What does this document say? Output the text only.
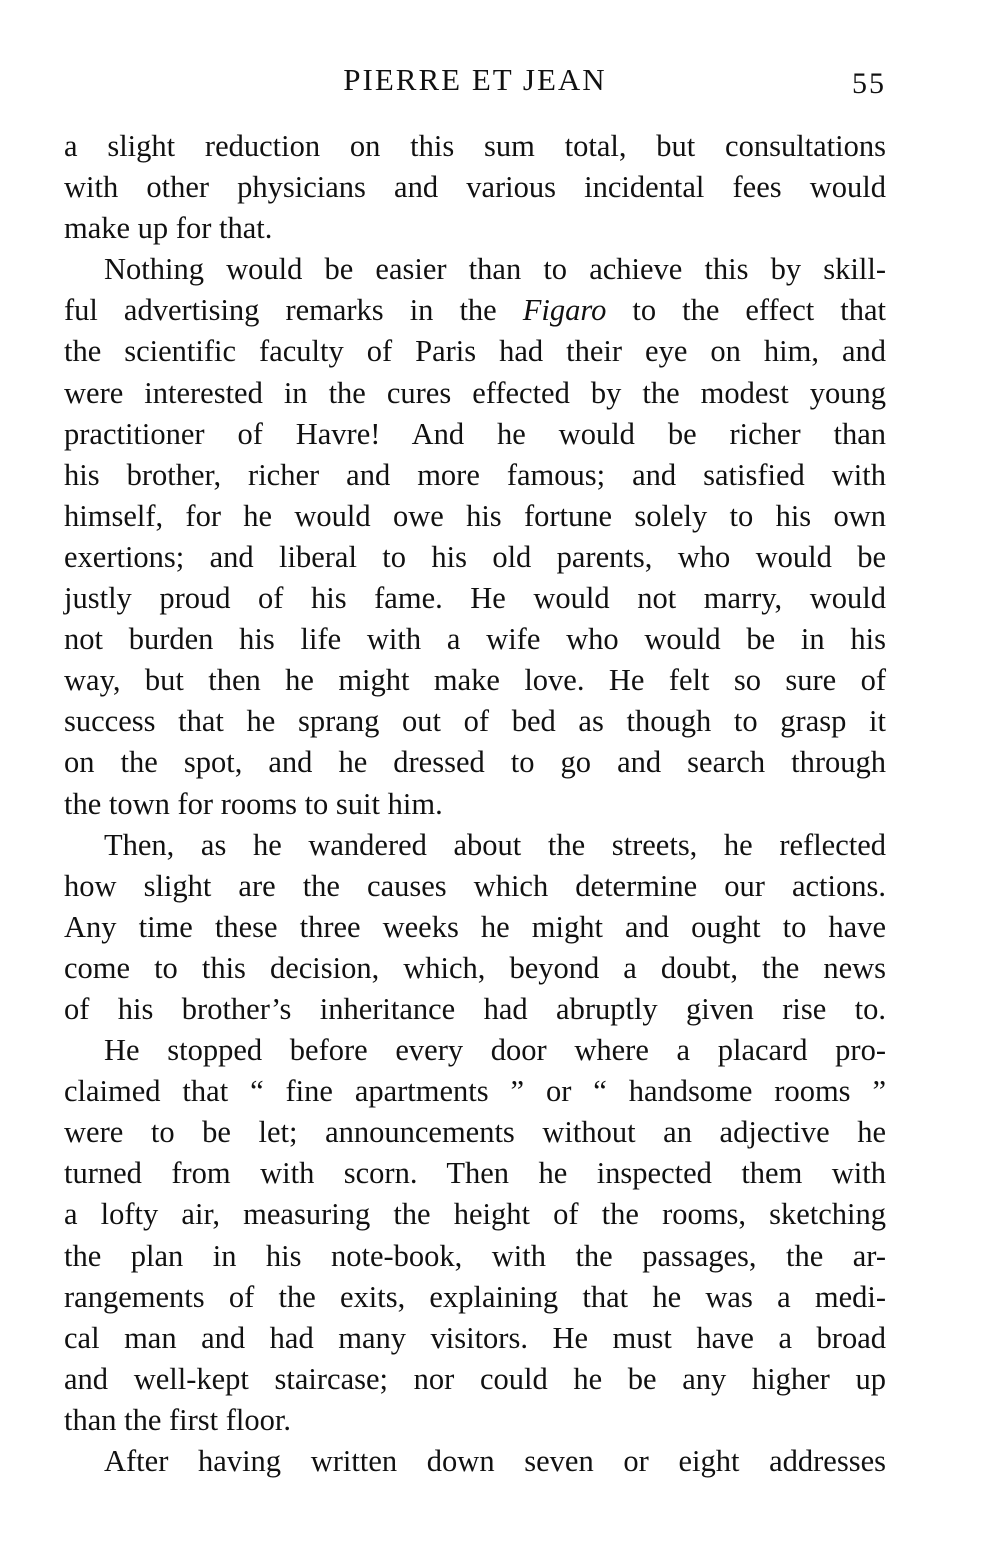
PIERRE ET JEAN	55
a slight reduction on this sum total, but consultations
with other physicians and various incidental fees would
make up for that.
Nothing would be easier than to achieve this by skill-
ful advertising remarks in the Figaro to the effect that
the scientific faculty of Paris had their eye on him, and
were interested in the cures effected by the modest young
practitioner of Havre! And he would be richer than
his brother, richer and more famous; and satisfied with
himself, for he would owe his fortune solely to his own
exertions; and liberal to his old parents, who would be
justly proud of his fame. He would not marry, would
not burden his life with a wife who would be in his
way, but then he might make love. He felt so sure of
success that he sprang out of bed as though to grasp it
on the spot, and he dressed to go and search through
the town for rooms to suit him.
Then, as he wandered about the streets, he reflected
how slight are the causes which determine our actions.
Any time these three weeks he might and ought to have
come to this decision, which, beyond a doubt, the news
of his brother’s inheritance had abruptly given rise to.
He stopped before every door where a placard pro-
claimed that “ fine apartments ” or “ handsome rooms ”
were to be let; announcements without an adjective he
turned from with scorn. Then he inspected them with
a lofty air, measuring the height of the rooms, sketching
the plan in his note-book, with the passages, the ar-
rangements of the exits, explaining that he was a medi-
cal man and had many visitors. He must have a broad
and well-kept staircase; nor could he be any higher up
than the first floor.
After having written down seven or eight addresses
